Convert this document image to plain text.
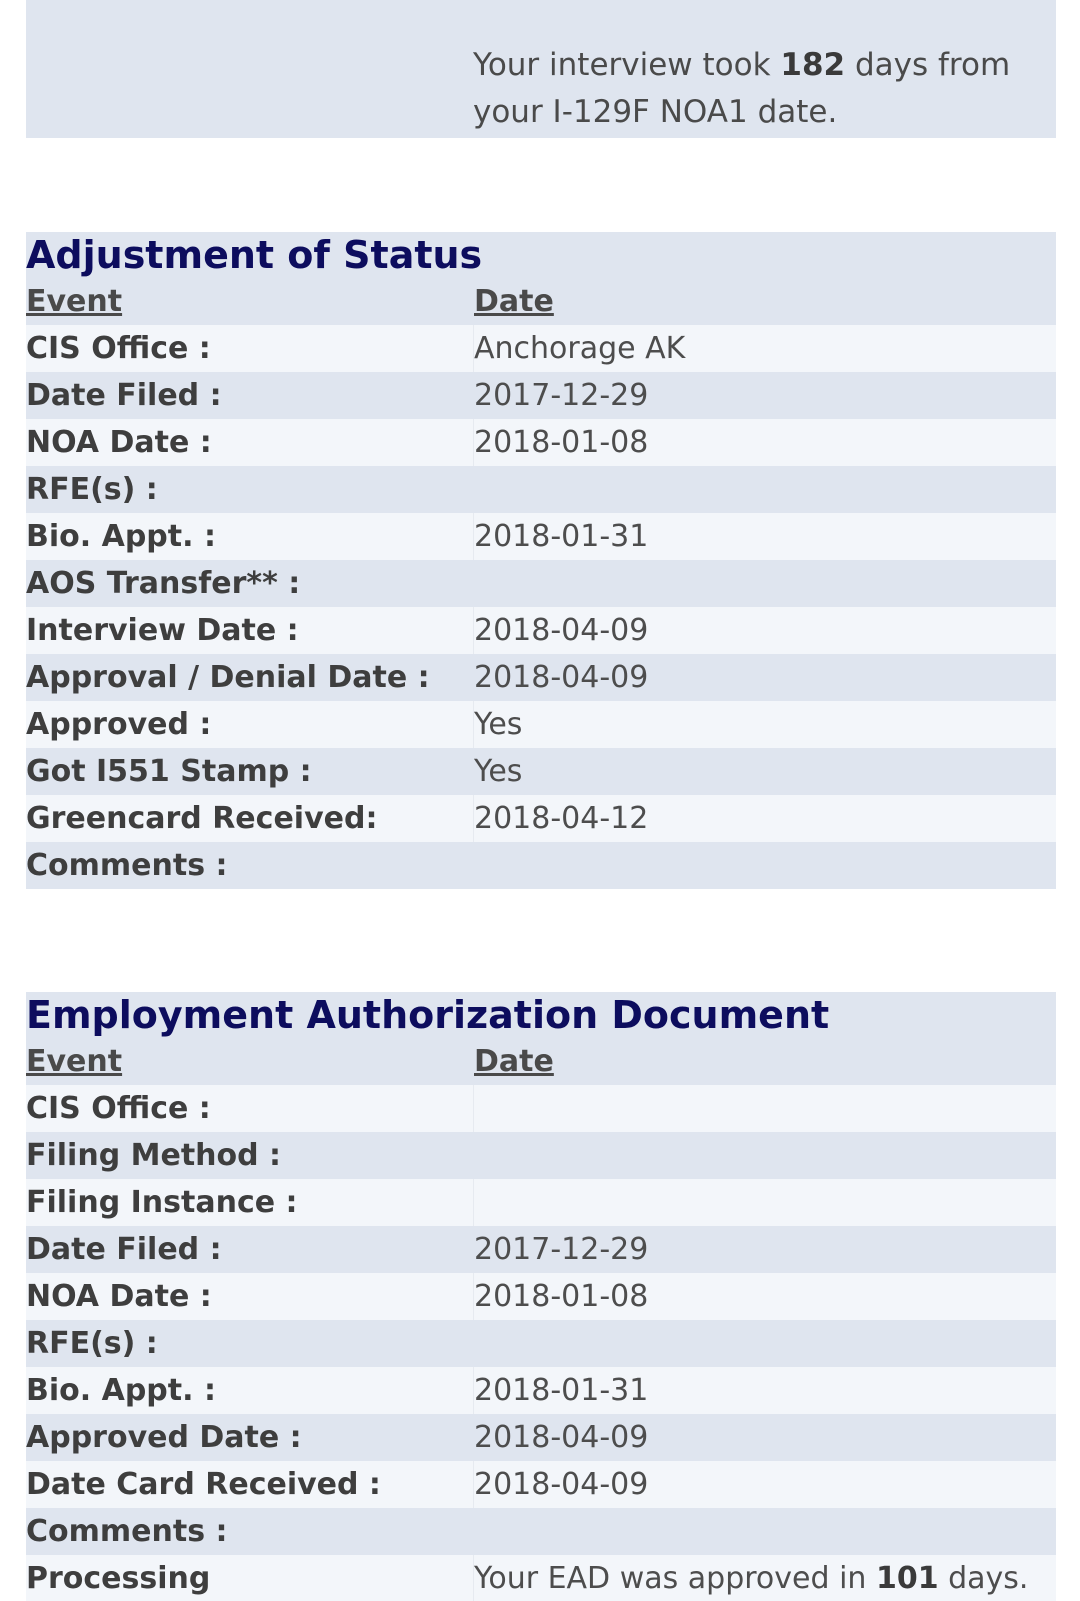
Your interview took 182 days from your I-129F NOA1 date.
Adjustment of Status
Event	Date
CIS Office :	Anchorage AK
Date Filed :	2017-12-29
NOA Date :	2018-01-08
RFE(s) :
Bio. Appt. :	2018-01-31
AOS Transfer** :
Interview Date :	2018-04-09
Approval / Denial Date :	2018-04-09
Approved :	Yes
Got I551 Stamp :	Yes
Greencard Received:	2018-04-12
Comments :
Employment Authorization Document
Event	Date
CIS Office :
Filing Method :
Filing Instance :
Date Filed :	2017-12-29
NOA Date :	2018-01-08
RFE(s) :
Bio. Appt. :	2018-01-31
Approved Date :	2018-04-09
Date Card Received :	2018-04-09
Comments :
Processing	Your EAD was approved in 101 days.
